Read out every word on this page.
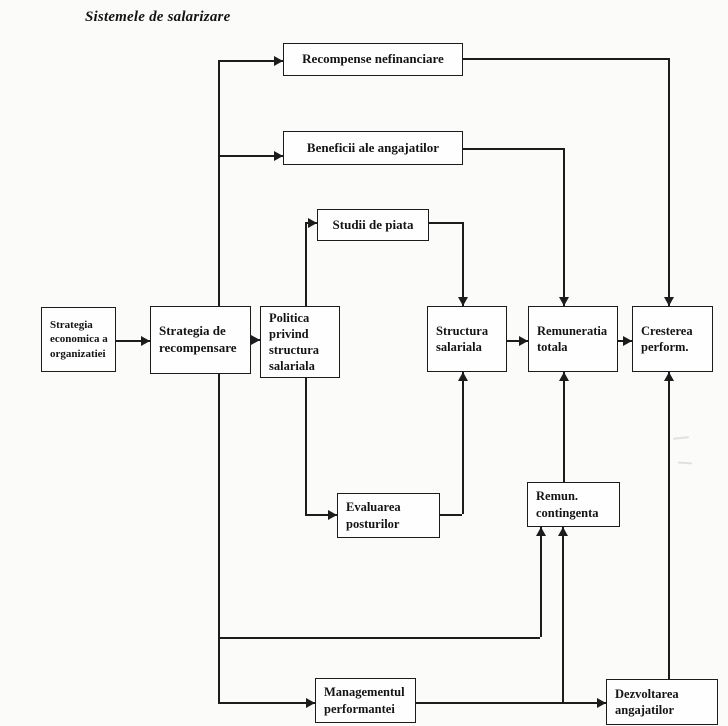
Sistemele de salarizare
Recompense nefinanciare
Beneficii ale angajatilor
Studii de piata
Strategia
economica a
organizatiei
Strategia de
recompensare
Politica
privind
structura
salariala
Structura
salariala
Remuneratia
totala
Cresterea
perform.
Evaluarea
posturilor
Remun.
contingenta
Managementul
performantei
Dezvoltarea
angajatilor
